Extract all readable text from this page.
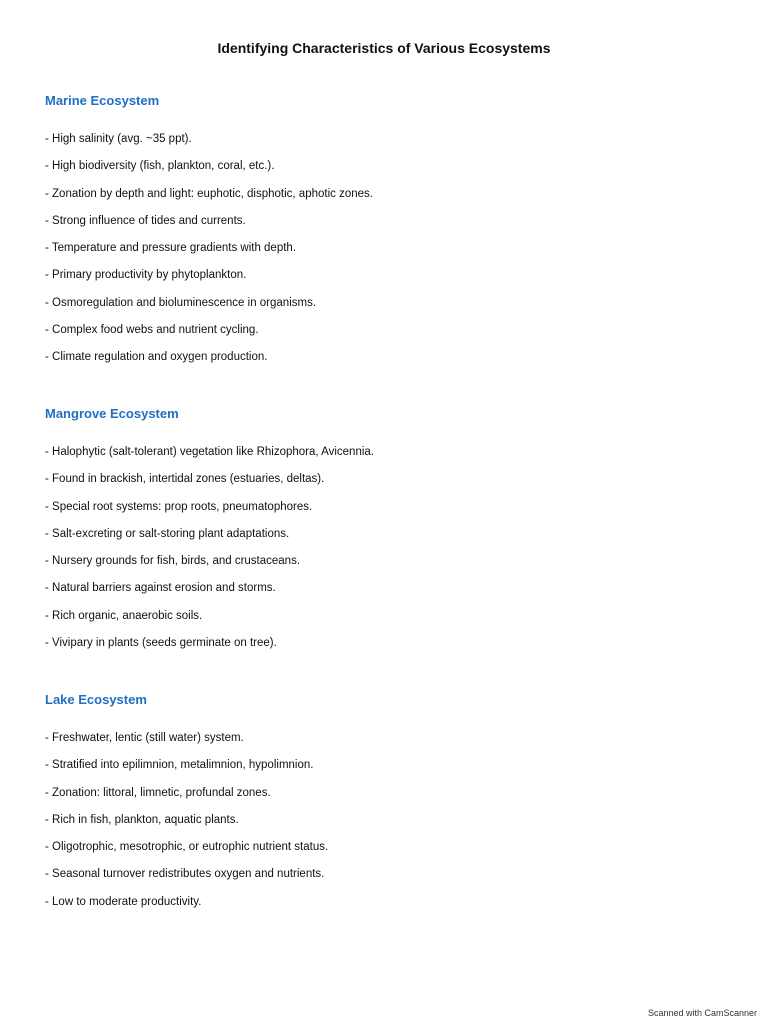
Identifying Characteristics of Various Ecosystems
Marine Ecosystem
- High salinity (avg. ~35 ppt).
- High biodiversity (fish, plankton, coral, etc.).
- Zonation by depth and light: euphotic, disphotic, aphotic zones.
- Strong influence of tides and currents.
- Temperature and pressure gradients with depth.
- Primary productivity by phytoplankton.
- Osmoregulation and bioluminescence in organisms.
- Complex food webs and nutrient cycling.
- Climate regulation and oxygen production.
Mangrove Ecosystem
- Halophytic (salt-tolerant) vegetation like Rhizophora, Avicennia.
- Found in brackish, intertidal zones (estuaries, deltas).
- Special root systems: prop roots, pneumatophores.
- Salt-excreting or salt-storing plant adaptations.
- Nursery grounds for fish, birds, and crustaceans.
- Natural barriers against erosion and storms.
- Rich organic, anaerobic soils.
- Vivipary in plants (seeds germinate on tree).
Lake Ecosystem
- Freshwater, lentic (still water) system.
- Stratified into epilimnion, metalimnion, hypolimnion.
- Zonation: littoral, limnetic, profundal zones.
- Rich in fish, plankton, aquatic plants.
- Oligotrophic, mesotrophic, or eutrophic nutrient status.
- Seasonal turnover redistributes oxygen and nutrients.
- Low to moderate productivity.
Scanned with CamScanner
